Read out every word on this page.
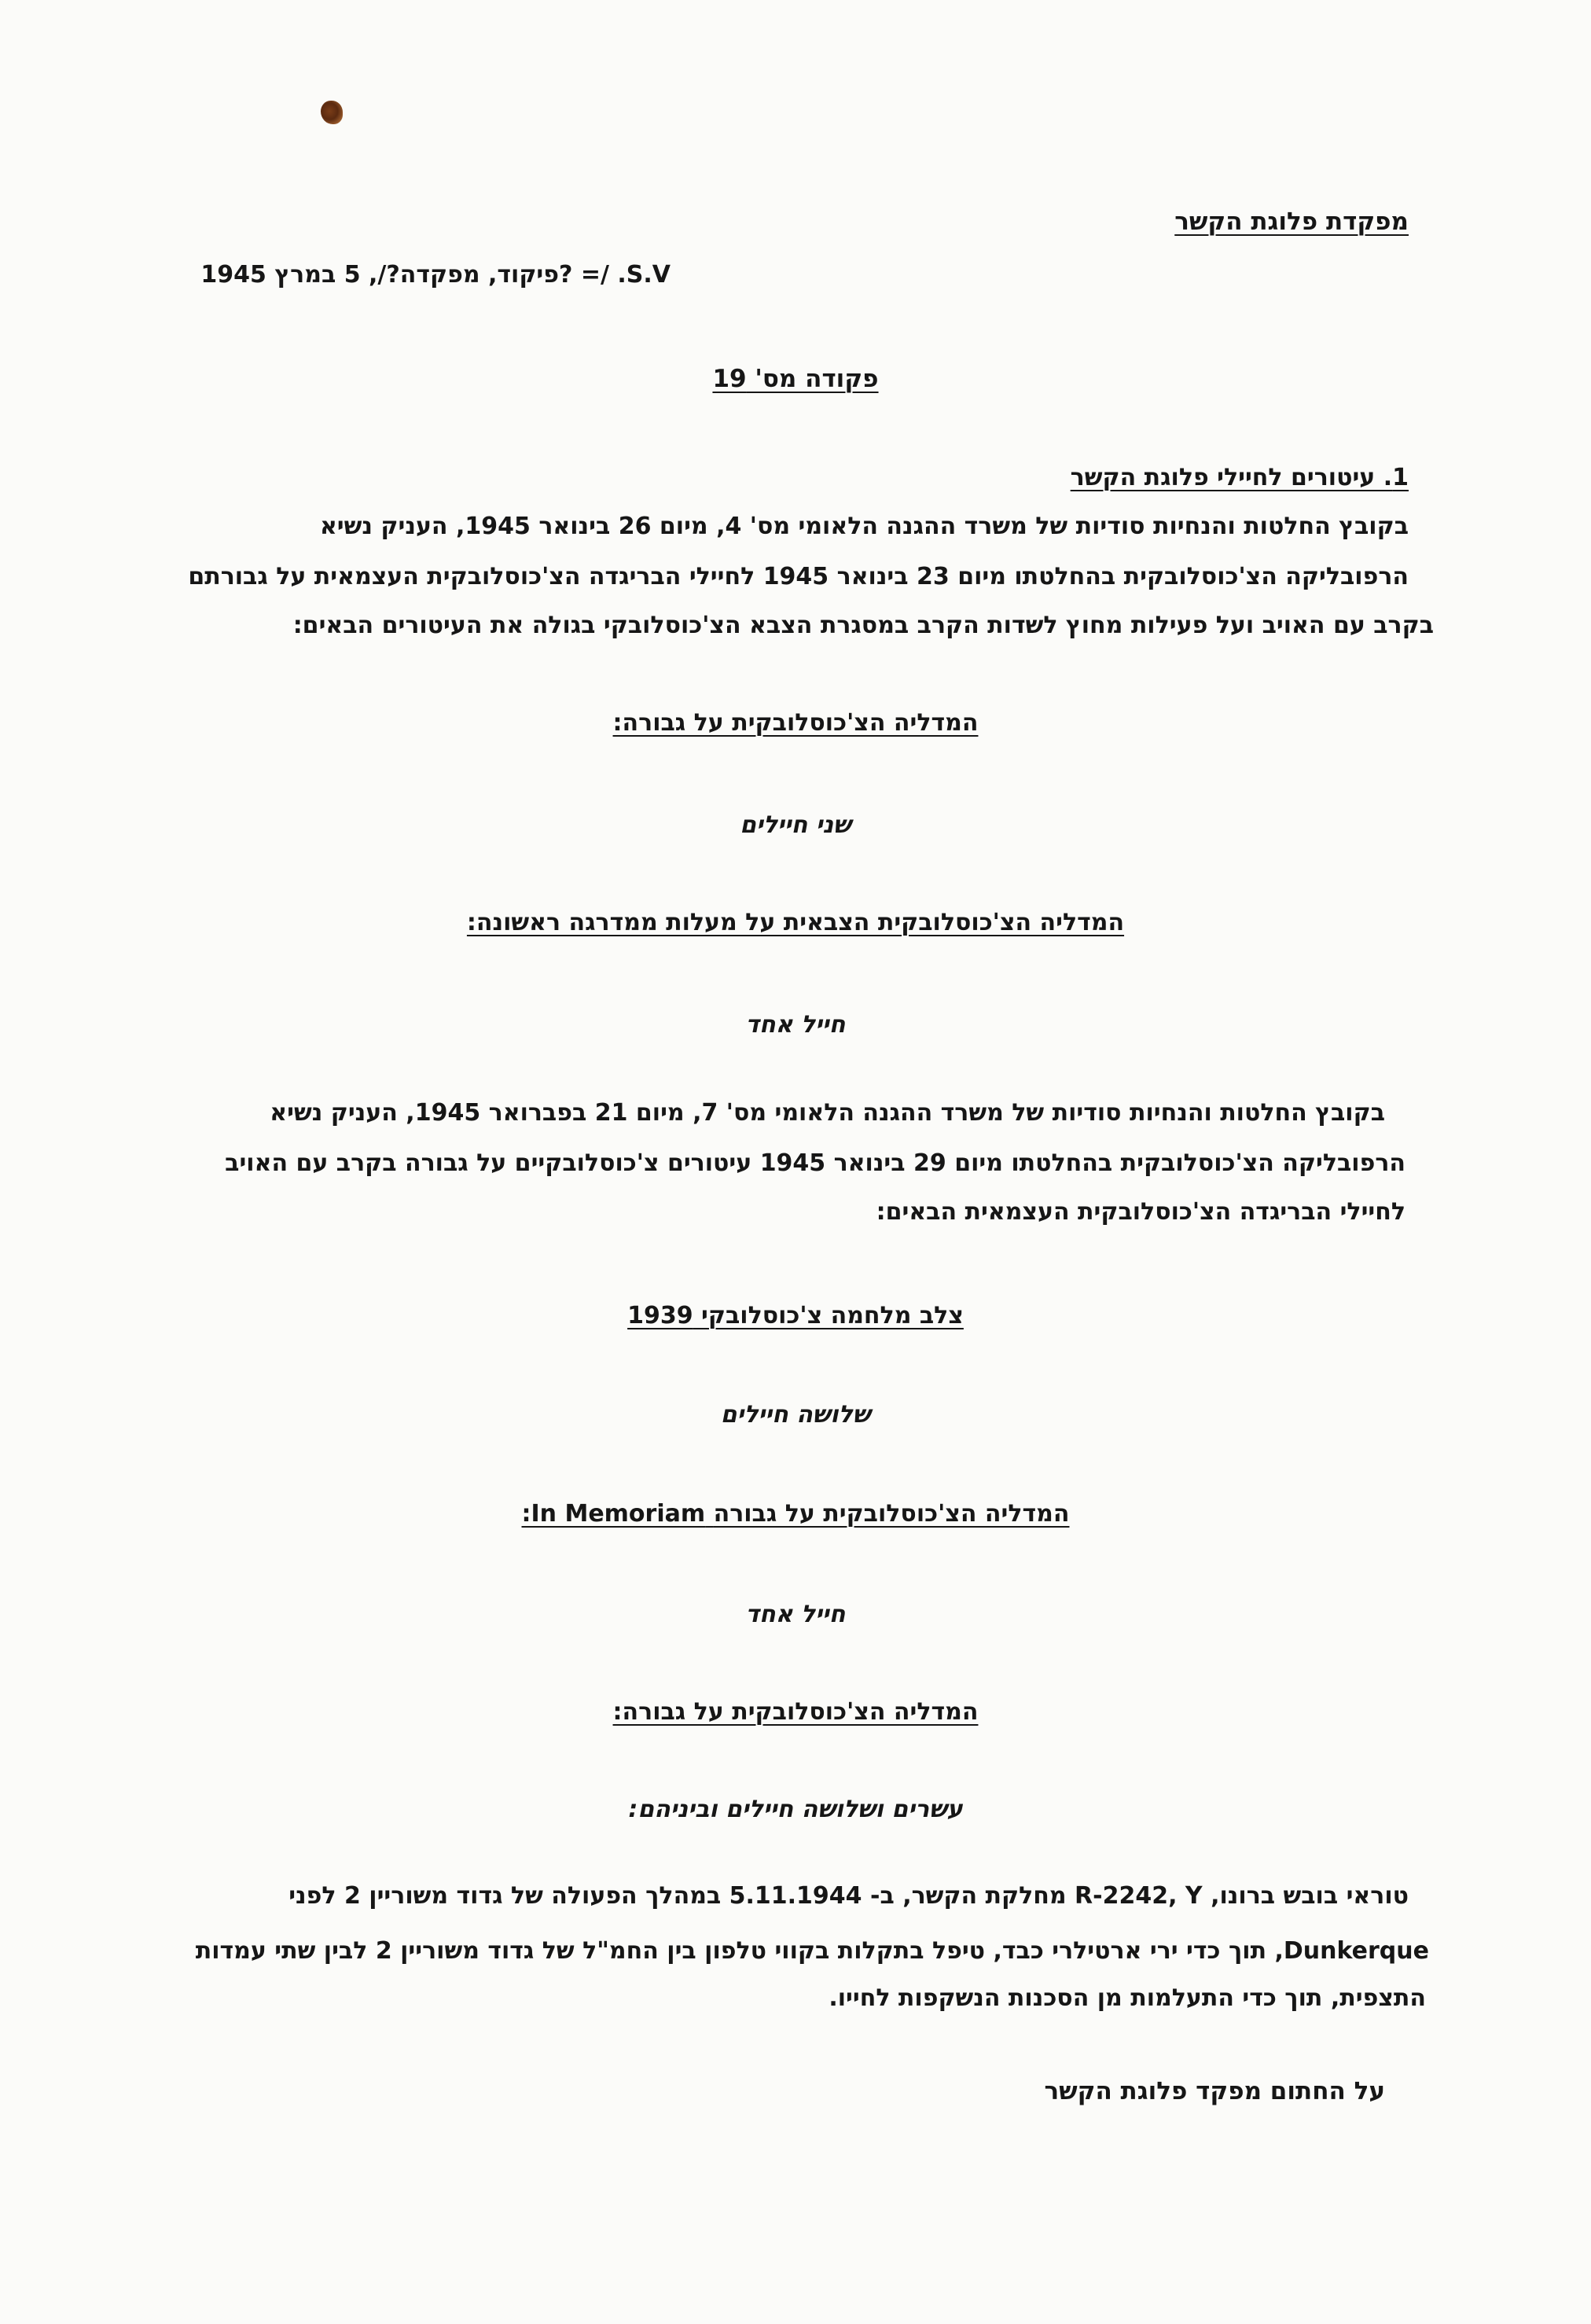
מפקדת פלוגת הקשר
S.V. /= ?פיקוד, מפקדה?/, 5 במרץ 1945
פקודה מס' 19
1. עיטורים לחיילי פלוגת הקשר
בקובץ החלטות והנחיות סודיות של משרד ההגנה הלאומי מס' 4, מיום 26 בינואר 1945, העניק נשיא
הרפובליקה הצ'כוסלובקית בהחלטתו מיום 23 בינואר 1945 לחיילי הבריגדה הצ'כוסלובקית העצמאית על גבורתם
בקרב עם האויב ועל פעילות מחוץ לשדות הקרב במסגרת הצבא הצ'כוסלובקי בגולה את העיטורים הבאים:
המדליה הצ'כוסלובקית על גבורה:
שני חיילים
המדליה הצ'כוסלובקית הצבאית על מעלות ממדרגה ראשונה:
חייל אחד
בקובץ החלטות והנחיות סודיות של משרד ההגנה הלאומי מס' 7, מיום 21 בפברואר 1945, העניק נשיא
הרפובליקה הצ'כוסלובקית בהחלטתו מיום 29 בינואר 1945 עיטורים צ'כוסלובקיים על גבורה בקרב עם האויב
לחיילי הבריגדה הצ'כוסלובקית העצמאית הבאים:
צלב מלחמה צ'כוסלובקי 1939
שלושה חיילים
המדליה הצ'כוסלובקית על גבורה In Memoriam:
חייל אחד
המדליה הצ'כוסלובקית על גבורה:
עשרים ושלושה חיילים וביניהם:
טוראי בובש ברונו, R-2242, Y מחלקת הקשר, ב- 5.11.1944 במהלך הפעולה של גדוד משוריין 2 לפני
Dunkerque, תוך כדי ירי ארטילרי כבד, טיפל בתקלות בקווי טלפון בין החמ"ל של גדוד משוריין 2 לבין שתי עמדות
התצפית, תוך כדי התעלמות מן הסכנות הנשקפות לחייו.
על החתום מפקד פלוגת הקשר
